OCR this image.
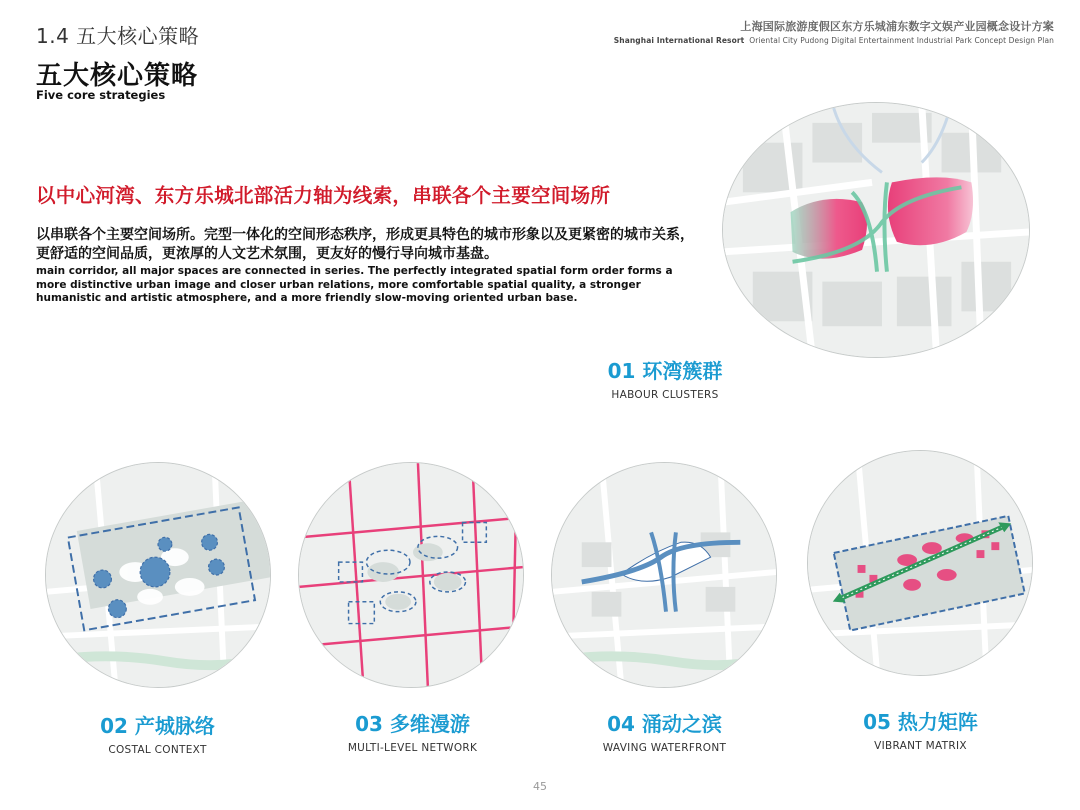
1.4 五大核心策略	上海国际旅游度假区东方乐城浦东数字文娱产业园概念设计方案
Shanghai International Resort Oriental City Pudong Digital Entertainment Industrial Park Concept Design Plan
五大核心策略
Five core strategies
以中心河湾、东方乐城北部活力轴为线索，串联各个主要空间场所
以串联各个主要空间场所。完型一体化的空间形态秩序，形成更具特色的城市形象以及更紧密的城市关系，更舒适的空间品质，更浓厚的人文艺术氛围，更友好的慢行导向城市基盘。
main corridor, all major spaces are connected in series. The perfectly integrated spatial form order forms a more distinctive urban image and closer urban relations, more comfortable spatial quality, a stronger humanistic and artistic atmosphere, and a more friendly slow-moving oriented urban base.
01 环湾簇群
HABOUR CLUSTERS
02 产城脉络
COSTAL CONTEXT
03 多维漫游
MULTI-LEVEL NETWORK
04 涌动之滨
WAVING WATERFRONT
05 热力矩阵
VIBRANT MATRIX
45
